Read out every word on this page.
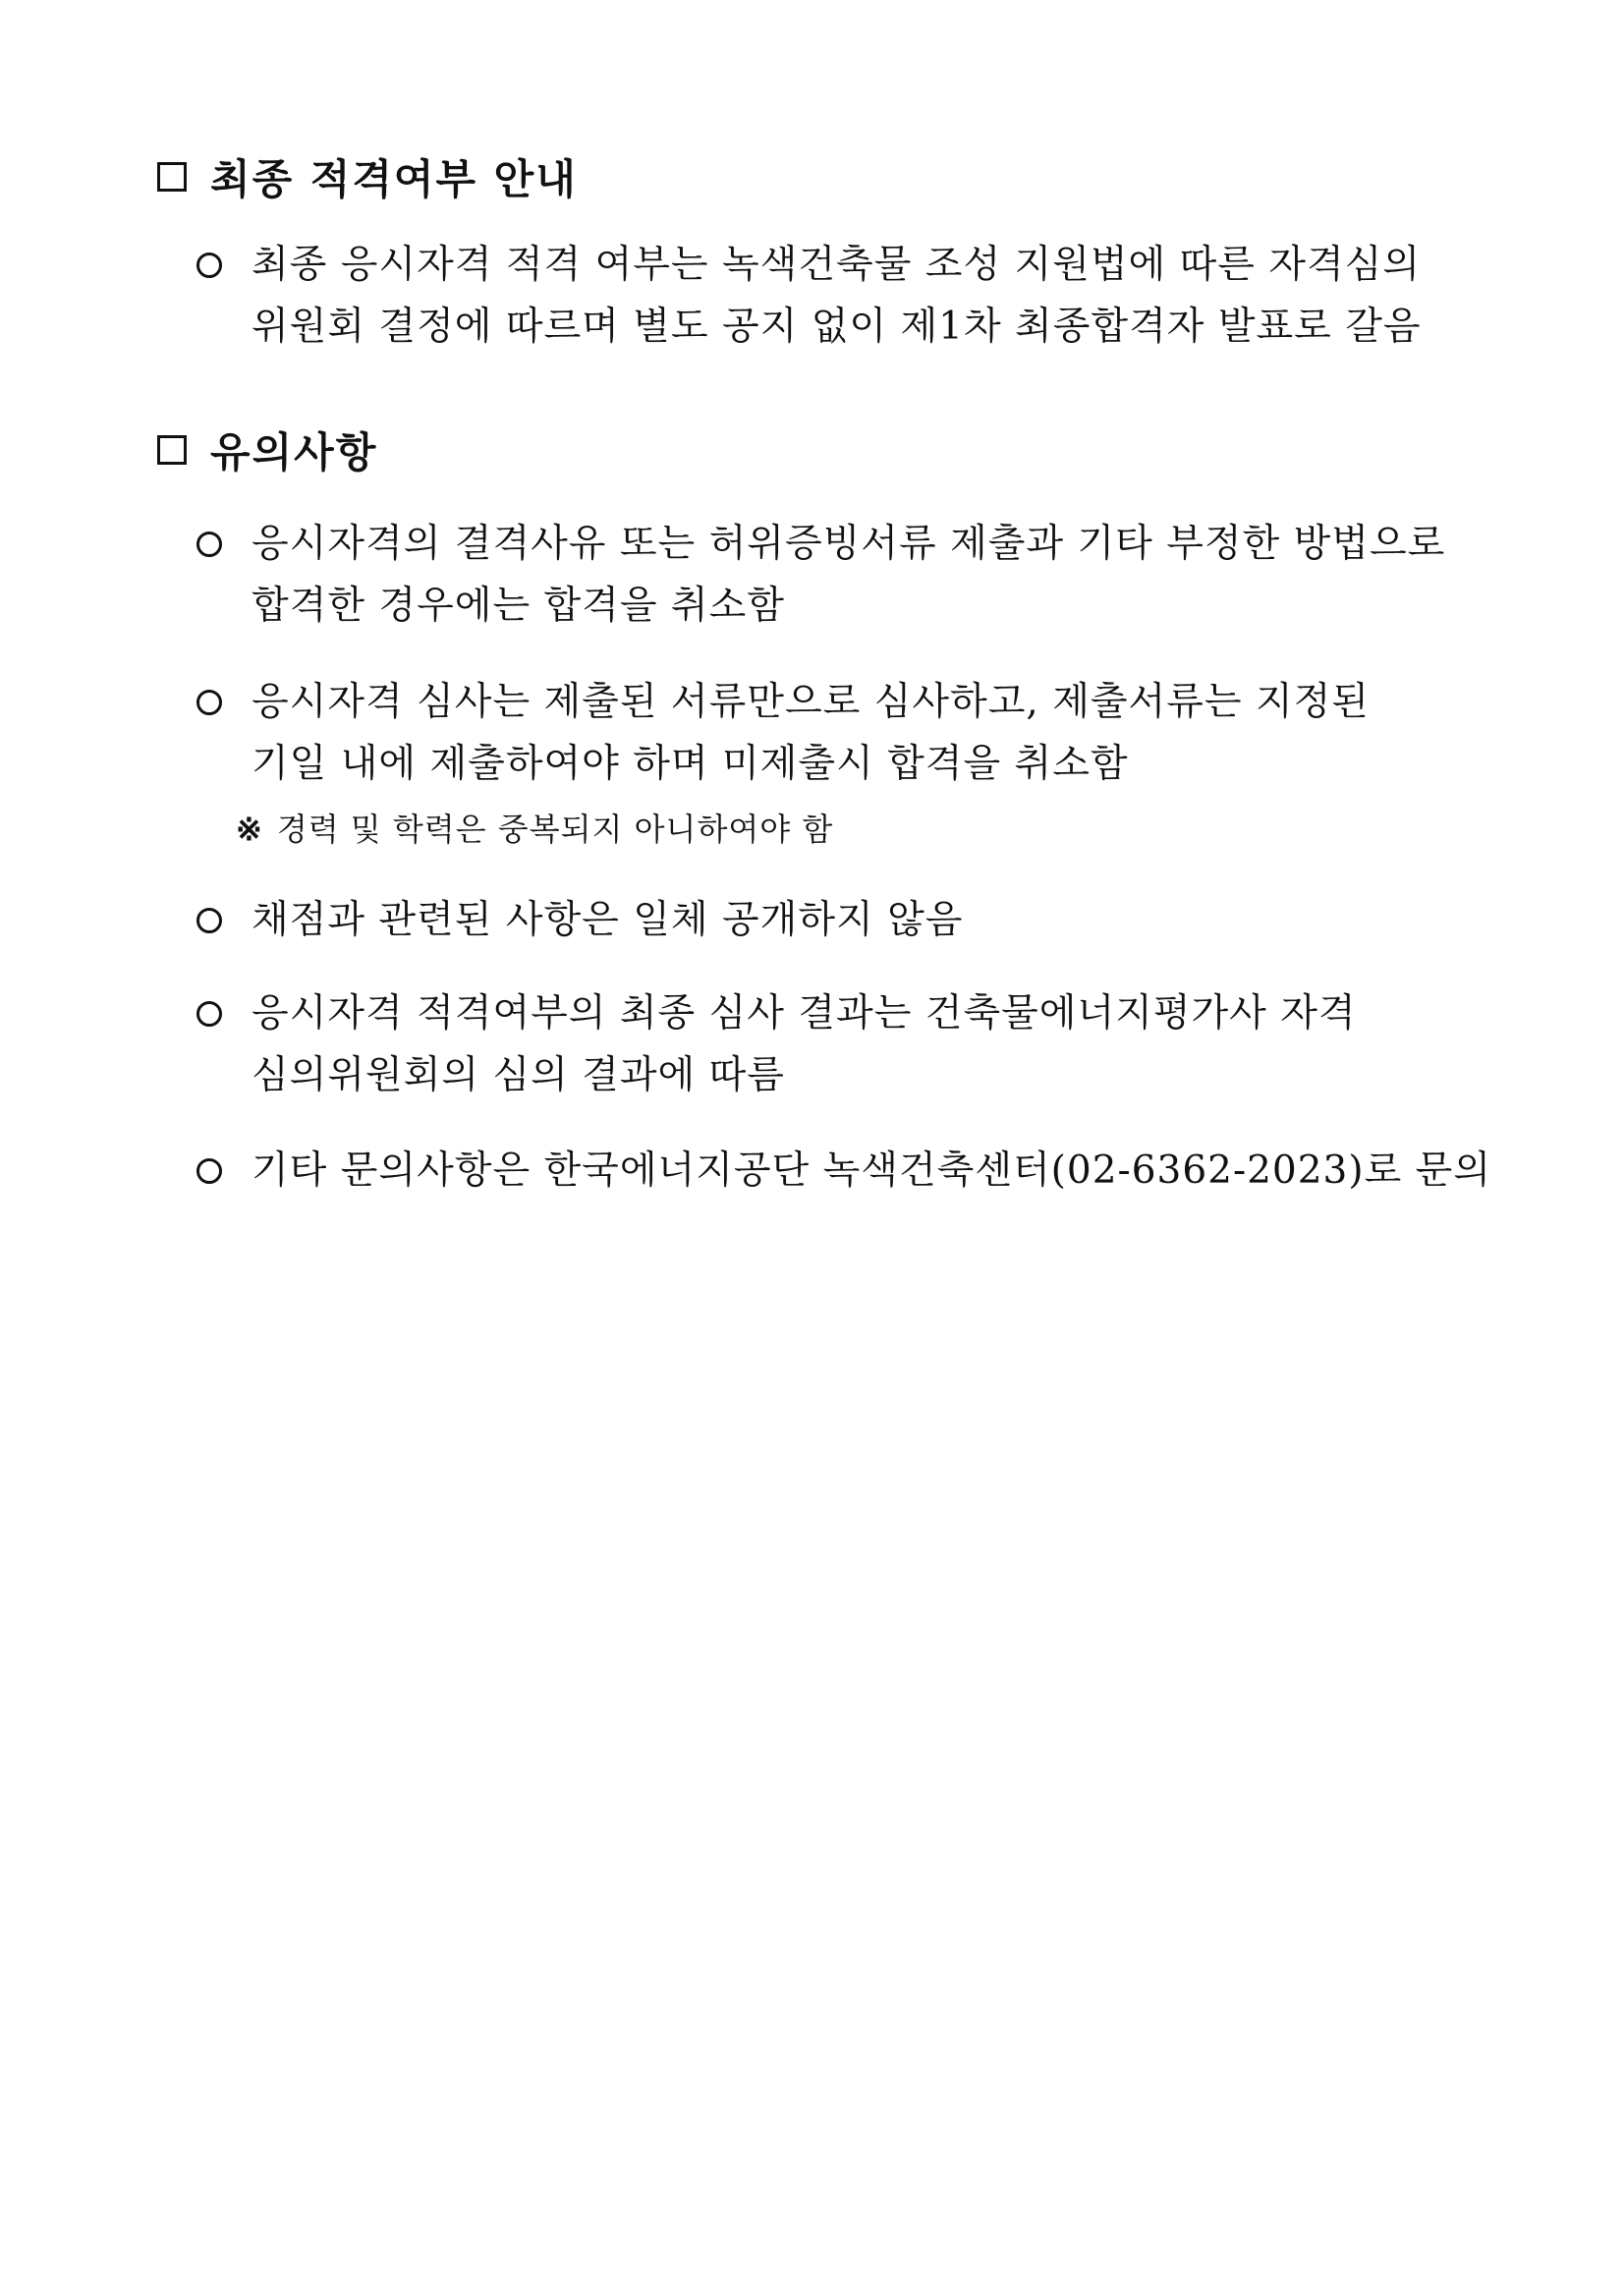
최종 적격여부 안내
최종 응시자격 적격 여부는 녹색건축물 조성 지원법에 따른 자격심의
위원회 결정에 따르며 별도 공지 없이 제1차 최종합격자 발표로 갈음
유의사항
응시자격의 결격사유 또는 허위증빙서류 제출과 기타 부정한 방법으로
합격한 경우에는 합격을 취소함
응시자격 심사는 제출된 서류만으로 심사하고, 제출서류는 지정된
기일 내에 제출하여야 하며 미제출시 합격을 취소함
※ 경력 및 학력은 중복되지 아니하여야 함
채점과 관련된 사항은 일체 공개하지 않음
응시자격 적격여부의 최종 심사 결과는 건축물에너지평가사 자격
심의위원회의 심의 결과에 따름
기타 문의사항은 한국에너지공단 녹색건축센터(02-6362-2023)로 문의
